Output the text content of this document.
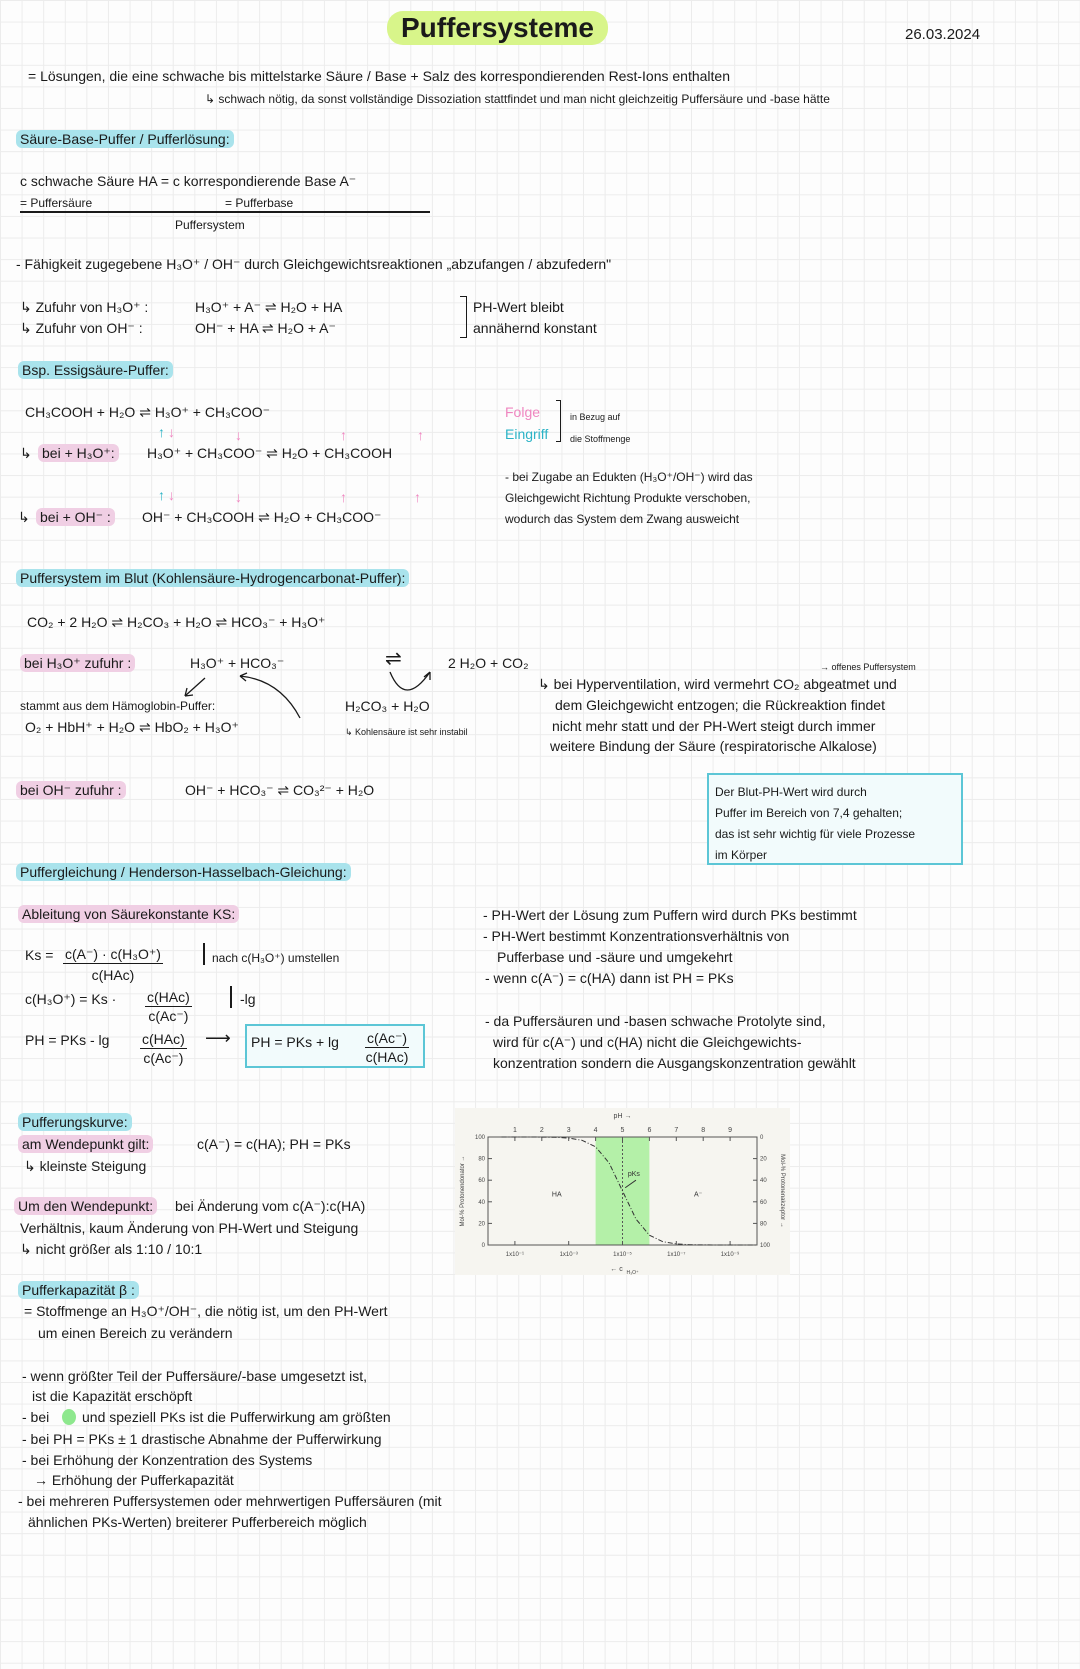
Puffersysteme	26.03.2024
= Lösungen, die eine schwache bis mittelstarke Säure / Base + Salz des korrespondierenden Rest-Ions enthalten
↳ schwach nötig, da sonst vollständige Dissoziation stattfindet und man nicht gleichzeitig Puffersäure und -base hätte
Säure-Base-Puffer / Pufferlösung:
c schwache Säure HA = c korrespondierende Base A⁻
= Puffersäure	= Pufferbase
Puffersystem
- Fähigkeit zugegebene H₃O⁺ / OH⁻ durch Gleichgewichtsreaktionen „abzufangen / abzufedern"
↳ Zufuhr von H₃O⁺ :	H₃O⁺ + A⁻ ⇌ H₂O + HA
↳ Zufuhr von OH⁻ :	OH⁻ + HA ⇌ H₂O + A⁻
PH-Wert bleibt
annähernd konstant
Bsp. Essigsäure-Puffer:
CH₃COOH + H₂O ⇌ H₃O⁺ + CH₃COO⁻
↑ ↓	↓	↑	↑
↳ bei + H₃O⁺: H₃O⁺ + CH₃COO⁻ ⇌ H₂O + CH₃COOH
↑ ↓	↓	↑	↑
↳ bei + OH⁻ : OH⁻ + CH₃COOH ⇌ H₂O + CH₃COO⁻
Folge
Eingriff
in Bezug auf
die Stoffmenge
- bei Zugabe an Edukten (H₃O⁺/OH⁻) wird das
Gleichgewicht Richtung Produkte verschoben,
wodurch das System dem Zwang ausweicht
Puffersystem im Blut (Kohlensäure-Hydrogencarbonat-Puffer):
CO₂ + 2 H₂O ⇌ H₂CO₃ + H₂O ⇌ HCO₃⁻ + H₃O⁺
bei H₃O⁺ zufuhr :	H₃O⁺ + HCO₃⁻	⇌	2 H₂O + CO₂	→ offenes Puffersystem
stammt aus dem Hämoglobin-Puffer:
O₂ + HbH⁺ + H₂O ⇌ HbO₂ + H₃O⁺
H₂CO₃ + H₂O
↳ Kohlensäure ist sehr instabil
↳ bei Hyperventilation, wird vermehrt CO₂ abgeatmet und
dem Gleichgewicht entzogen; die Rückreaktion findet
nicht mehr statt und der PH-Wert steigt durch immer
weitere Bindung der Säure (respiratorische Alkalose)
bei OH⁻ zufuhr :	OH⁻ + HCO₃⁻ ⇌ CO₃²⁻ + H₂O	Der Blut-PH-Wert wird durch
Puffer im Bereich von 7,4 gehalten;
das ist sehr wichtig für viele Prozesse
im Körper
Puffergleichung / Henderson-Hasselbach-Gleichung:
Ableitung von Säurekonstante KS:
Ks = c(A⁻) · c(H₃O⁺)
c(HAc)
nach c(H₃O⁺) umstellen
c(H₃O⁺) = Ks · c(HAc)
c(Ac⁻)
-lg
PH = PKs - lg c(HAc)
c(Ac⁻)
⟶ PH = PKs + lg c(Ac⁻)
c(HAc)
- PH-Wert der Lösung zum Puffern wird durch PKs bestimmt
- PH-Wert bestimmt Konzentrationsverhältnis von
Pufferbase und -säure und umgekehrt
- wenn c(A⁻) = c(HA) dann ist PH = PKs
- da Puffersäuren und -basen schwache Protolyte sind,
wird für c(A⁻) und c(HA) nicht die Gleichgewichts-
konzentration sondern die Ausgangskonzentration gewählt
Pufferungskurve:
am Wendepunkt gilt:	c(A⁻) = c(HA); PH = PKs
↳ kleinste Steigung
Um den Wendepunkt: bei Änderung vom c(A⁻):c(HA)
Verhältnis, kaum Änderung von PH-Wert und Steigung
↳ nicht größer als 1:10 / 10:1
1	2	3	4	5	6	7	8	9
1x10⁻¹	1x10⁻³	1x10⁻⁵	1x10⁻⁷	1x10⁻⁹
0
20
40
60
80
100
100
80
60
40
20
0
HA	A⁻
pKs
pH →
← c H₃O⁺
Mol-% Protonendonator →	Mol-% Protonenakzeptor →
Pufferkapazität β :
= Stoffmenge an H₃O⁺/OH⁻, die nötig ist, um den PH-Wert
um einen Bereich zu verändern
- wenn größter Teil der Puffersäure/-base umgesetzt ist,
ist die Kapazität erschöpft
- bei und speziell PKs ist die Pufferwirkung am größten
- bei PH = PKs ± 1 drastische Abnahme der Pufferwirkung
- bei Erhöhung der Konzentration des Systems
→ Erhöhung der Pufferkapazität
- bei mehreren Puffersystemen oder mehrwertigen Puffersäuren (mit
ähnlichen PKs-Werten) breiterer Pufferbereich möglich
